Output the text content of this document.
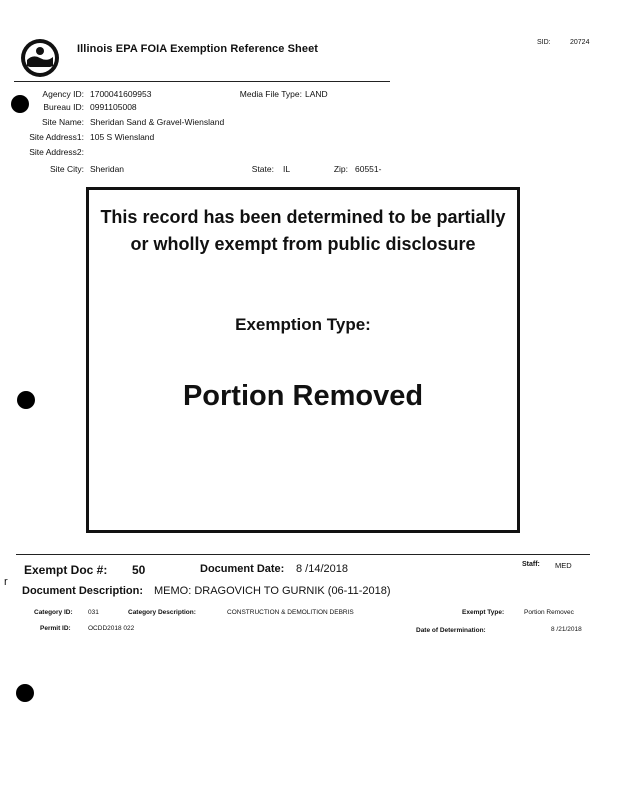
Illinois EPA FOIA Exemption Reference Sheet
SID:	20724
Agency ID: 1700041609953	Media File Type: LAND
Bureau ID: 0991105008
Site Name: Sheridan Sand & Gravel-Wiensland
Site Address1: 105 S Wiensland
Site Address2:
Site City: Sheridan	State: IL	Zip: 60551-
This record has been determined to be partially or wholly exempt from public disclosure
Exemption Type:
Portion Removed
Exempt Doc #: 50	Document Date: 8 /14/2018	Staff: MED
r
Document Description: MEMO: DRAGOVICH TO GURNIK (06-11-2018)
Category ID: 031	Category Description:	CONSTRUCTION & DEMOLITION DEBRIS	Exempt Type:	Portion Removec
Permit ID:	OCDD2018 022	Date of Determination:	8 /21/2018
